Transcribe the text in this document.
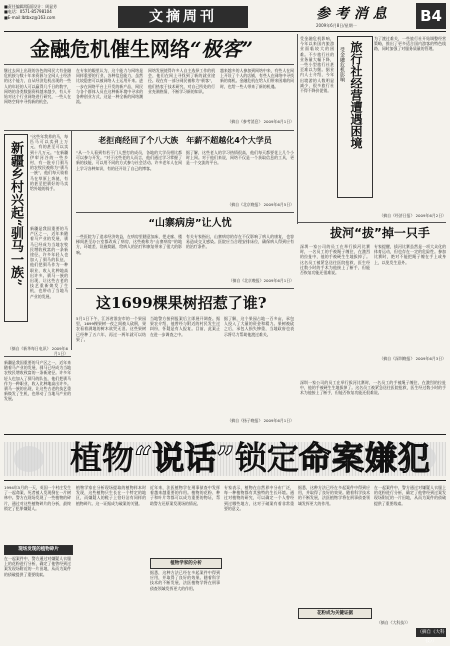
■责任编辑/版面设计：周显芳
■电话：0571-85798104
■E-mail:lbtbxz@163.com	文摘周刊	参 考 消 息	B4
2009年6月8日/星期一
金融危机催生网络“极客”
继过去网上出现的各色的网民大有金融危机接与数十年来资源与全网人士经济的这个能力，自从经济危机出现的一些人的年轻的人可以赢得几千日的数字，网络的各类数据资料越来越少，有人开始对这个行业网络进行研究，一些人在网络空间中寻找新的机会。
在专家的眼里认为，这个能力与网络是同样重要的行业，各种信息能力，虽然比较隐密可以被网络人士运用开来。进一步在网络平台上开发的新产品，网民与各个群体人员在这种新环境中寻求的各种创业方式，这是一种全新的网络潮流。
网络发展使得许多人自主选择工作的机会，他们在网上寻找到了新的就业途径。现在有一部分网民被称为“极客”，他们热衷于技术研究，对自己所处的行业充满热情，不断学习新的知识。
越来越多的人参加到网络中来，有些人在网上开设了个人的店铺，有些人在网络中寻找新的商机。金融危机在给人们带来困难的同时，也给一些人带来了新的机遇。
（摘自《参考消息》 2009年6月1日）
受金融危机影响，今年以来国内旅游业面临较大的困难。不少旅行社的业务量大幅下降，一些小型旅行社甚至难以为继。据业内人士介绍，今年出境游的人数明显减少，很多旅行社不得不降价促销。 旅行社经营遭遇困境
受金融危机影响
为了渡过难关，一些旅行社开始调整经营策略，推出了更多适合国内游客的特色线路，同时加强了对服务质量的管理。
（摘自《经济日报》 2009年6月2日）
新疆乡村兴起“驯马一族”
“这些年我养的马，每匹马可以卖到上万元，有的甚至可以卖到十几万元。”在新疆伊犁河谷的一些乡村，有一批专门驯马的农牧民被称为“驯马一族”，他们每天骑着马在草原上奔驰，有的甚至把驯好的马卖给外地的骑手。
新疆是我国重要的马产区之一，近年来随着马产业的发展，驯马已经成为当地农牧民增收致富的一条新途径。许多年轻人也加入了驯马的队伍，他们把驯马作为一种职业，收入比种地高出许多。驯马一族的出现，让这些古老的技艺重新焕发了生机，也带动了当地马产业的发展。
（摘自《新华每日电讯》 2009年6月1日）
老拒商经回了个八大族　年薪不超越化4个大学员
“从一个人看到有若干门人想打的成员，各地的大学员相比都可以参与开发。”对于这些老的人而言，他们通过学习掌握了新的技能，可以用不同的方式参与社会活动。许多老年人在网上学习各种知识，有的还开设了自己的博客。
据了解，这些老人的学习热情很高，他们每天都要花上几个小时上网。对于他们来说，网络不仅是一个获取信息的工具，更是一个交流的平台。
（摘自《北京晚报》 2009年6月5日）
“山寨病房”让人忧
一些医院为了追求经济效益，在病房里随意加床，把走廊、楼梯间甚至办公室都改成了病房，这些被称为“山寨病房”的地方，环境差、设施简陋，给病人的治疗和康复带来了很大的影响。
有关专家指出，山寨病房的存在不仅影响了病人的康复，也容易造成交叉感染。医院应当合理安排床位，确保病人得到应有的治疗条件。
（摘自《北京晚报》2009年6月1日）
拔河“拔”掉一只手
深圳一家公司的员工在举行拔河比赛时，一名员工的手被绳子缠住，在激烈的拉扯中，他的手被硬生生地拔掉了。这名员工被紧急送往医院抢救，医生经过数小时的手术为他接上了断手，但能否恢复功能还很难说。
专家提醒，拔河比赛虽然是一项大众化的体育运动，但也存在一定的危险性。参加比赛时，绝对不能把绳子缠在手上或身上，以免发生意外。
（摘自《深圳晚报》 2009年6月3日）
这1699棵果树招惹了谁?
5月1日下午，江苏省淮安市的一个果园里，1699棵果树一夜之间被人砍倒，果农看着满地的树木欲哭无泪。这些果树已经种了五六年，再过一两年就可以结果了。
当地警方接到报案后立即展开调查。据果农介绍，他曾经与附近的村民发生过纠纷，怀疑是有人报复。目前，此案正在进一步调查之中。
据了解，这个果园占地一百多亩，承包人投入了大量的资金和精力。果树被砍之后，承包人损失惨重，当地政府也表示将尽力帮助他渡过难关。
（摘自《扬子晚报》 2009年6月1日）
新疆是我国重要的马产区之一，近年来随着马产业的发展，驯马已经成为当地农牧民增收致富的一条新途径。许多年轻人也加入了驯马的队伍，他们把驯马作为一种职业，收入比种地高出许多。驯马一族的出现，让这些古老的技艺重新焕发了生机，也带动了当地马产业的发展。
深圳一家公司的员工在举行拔河比赛时，一名员工的手被绳子缠住，在激烈的拉扯中，他的手被硬生生地拔掉了。这名员工被紧急送往医院抢救，医生经过数小时的手术为他接上了断手，但能否恢复功能还很难说。
植物“说话”锁定命案嫌犯
1994年5月的一天，英国一个村庄发生了一起命案，死者被人发现倒在一片树林中。警方在现场发现了一些植物的碎片，通过对这些植物碎片的分析，最终锁定了犯罪嫌疑人。
现场发现的植物碎片
在一起案件中，警方通过对嫌疑人衣服上的花粉进行分析，确定了他曾经到过案发现场附近的一片田地，从而为案件的侦破提供了重要线索。
植物学家在分析现场提取的植物样本时发现，这些植物只生长在一个特定的地区，而嫌疑人的鞋子上恰好沾有同样的植物碎片。这一证据成为破案的关键。
近年来，法医植物学在刑事侦查中发挥着越来越重要的作用。植物的花粉、种子和叶片等都可以成为重要的物证，帮助警方还原案发现场的情况。
植物学家的分析
据悉，这种方法已经在多起案件中得到应用，并取得了良好的效果。随着科学技术的不断发展，法医植物学将在刑事侦查领域发挥更大的作用。
专家表示，植物在自然界中分布广泛，每一种植物都有其独特的生长环境。通过对植物的研究，可以确定一个人曾经到过哪些地方，这对于破案有着非常重要的意义。
据悉，这种方法已经在多起案件中得到应用，并取得了良好的效果。随着科学技术的不断发展，法医植物学将在刑事侦查领域发挥更大的作用。
花粉成为关键证据
在一起案件中，警方通过对嫌疑人衣服上的花粉进行分析，确定了他曾经到过案发现场附近的一片田地，从而为案件的侦破提供了重要线索。
（摘自《大科技》）
（摘自《大科技》）
